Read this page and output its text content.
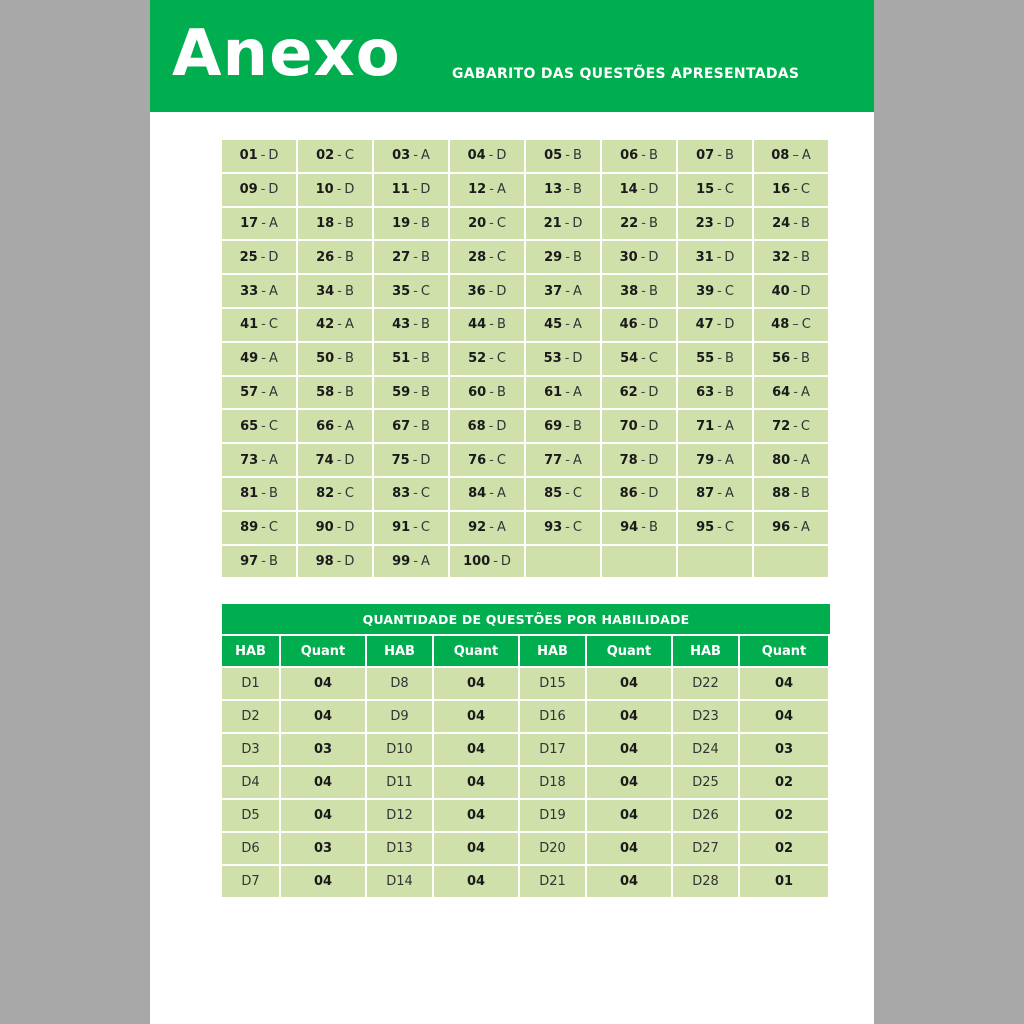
Anexo	GABARITO DAS QUESTÕES APRESENTADAS
01 - D	02 - C	03 - A	04 - D	05 - B	06 - B	07 - B	08 – A
09 - D	10 - D	11 - D	12 - A	13 - B	14 - D	15 - C	16 - C
17 - A	18 - B	19 - B	20 - C	21 - D	22 - B	23 - D	24 - B
25 - D	26 - B	27 - B	28 - C	29 - B	30 - D	31 - D	32 - B
33 - A	34 - B	35 - C	36 - D	37 - A	38 - B	39 - C	40 - D
41 - C	42 - A	43 - B	44 - B	45 - A	46 - D	47 - D	48 – C
49 - A	50 - B	51 - B	52 - C	53 - D	54 - C	55 - B	56 - B
57 - A	58 - B	59 - B	60 - B	61 - A	62 - D	63 - B	64 - A
65 - C	66 - A	67 - B	68 - D	69 - B	70 - D	71 - A	72 - C
73 - A	74 - D	75 - D	76 - C	77 - A	78 - D	79 - A	80 - A
81 - B	82 - C	83 - C	84 - A	85 - C	86 - D	87 - A	88 - B
89 - C	90 - D	91 - C	92 - A	93 - C	94 - B	95 - C	96 - A
97 - B	98 - D	99 - A	100 - D
QUANTIDADE DE QUESTÕES POR HABILIDADE
HAB	Quant	HAB	Quant	HAB	Quant	HAB	Quant
D1	04	D8	04	D15	04	D22	04
D2	04	D9	04	D16	04	D23	04
D3	03	D10	04	D17	04	D24	03
D4	04	D11	04	D18	04	D25	02
D5	04	D12	04	D19	04	D26	02
D6	03	D13	04	D20	04	D27	02
D7	04	D14	04	D21	04	D28	01
